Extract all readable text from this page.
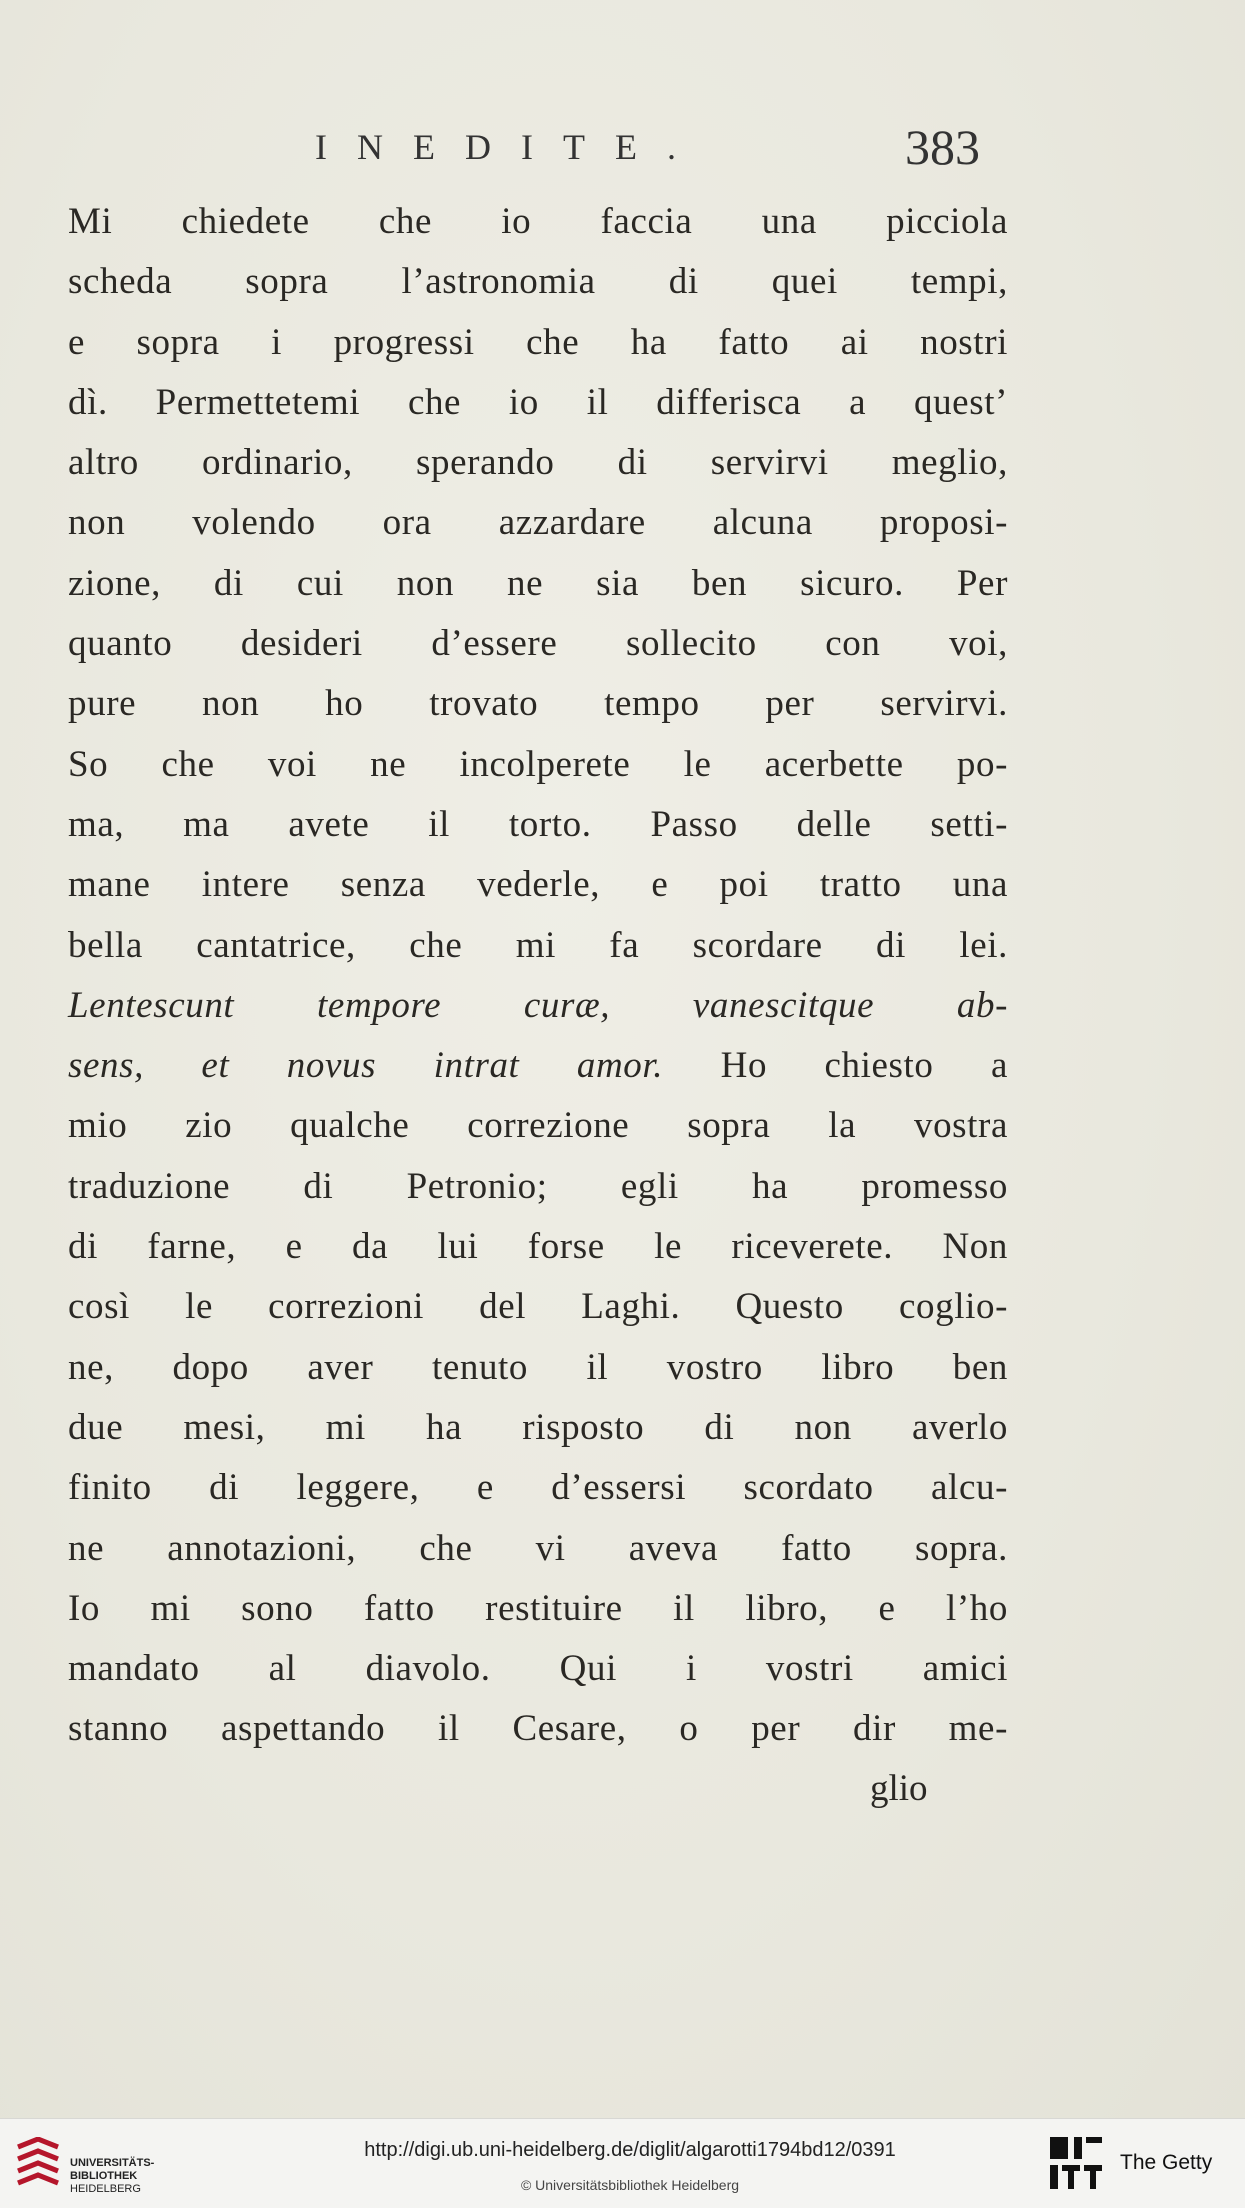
INEDITE.	383
Mi chiedete che io faccia una picciola
scheda sopra l’astronomia di quei tempi,
e sopra i progressi che ha fatto ai nostri
dì. Permettetemi che io il differisca a quest’
altro ordinario, sperando di servirvi meglio,
non volendo ora azzardare alcuna proposi-
zione, di cui non ne sia ben sicuro. Per
quanto desideri d’essere sollecito con voi,
pure non ho trovato tempo per servirvi.
So che voi ne incolperete le acerbette po-
ma, ma avete il torto. Passo delle setti-
mane intere senza vederle, e poi tratto una
bella cantatrice, che mi fa scordare di lei.
Lentescunt tempore curæ, vanescitque ab-
sens, et novus intrat amor. Ho chiesto a
mio zio qualche correzione sopra la vostra
traduzione di Petronio; egli ha promesso
di farne, e da lui forse le riceverete. Non
così le correzioni del Laghi. Questo coglio-
ne, dopo aver tenuto il vostro libro ben
due mesi, mi ha risposto di non averlo
finito di leggere, e d’essersi scordato alcu-
ne annotazioni, che vi aveva fatto sopra.
Io mi sono fatto restituire il libro, e l’ho
mandato al diavolo. Qui i vostri amici
stanno aspettando il Cesare, o per dir me-
glio
UNIVERSITÄTS-
BIBLIOTHEK
HEIDELBERG
http://digi.ub.uni-heidelberg.de/diglit/algarotti1794bd12/0391
© Universitätsbibliothek Heidelberg
The Getty
